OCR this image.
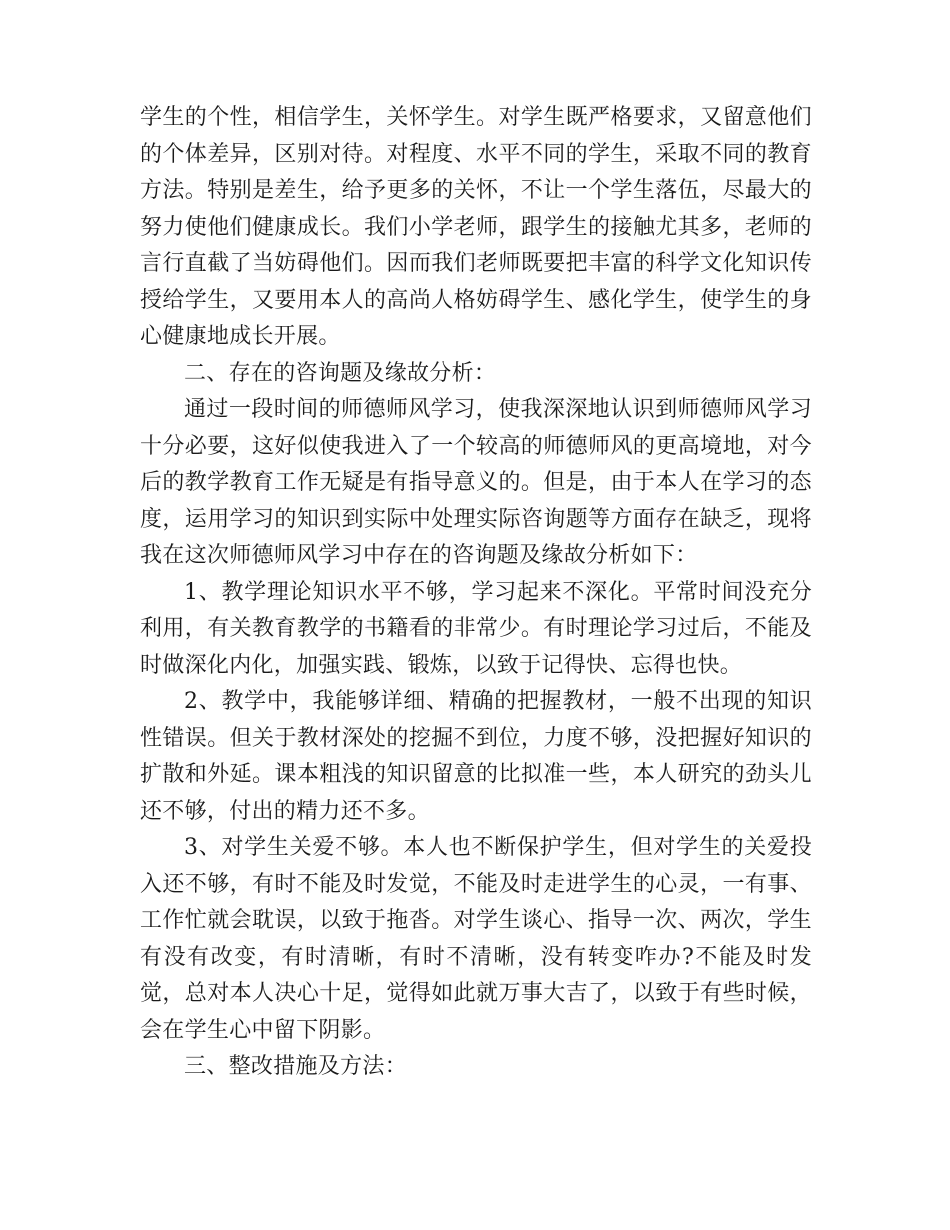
学生的个性，相信学生，关怀学生。对学生既严格要求，又留意他们的个体差异，区别对待。对程度、水平不同的学生，采取不同的教育方法。特别是差生，给予更多的关怀，不让一个学生落伍，尽最大的努力使他们健康成长。我们小学老师，跟学生的接触尤其多，老师的言行直截了当妨碍他们。因而我们老师既要把丰富的科学文化知识传授给学生，又要用本人的高尚人格妨碍学生、感化学生，使学生的身心健康地成长开展。

二、存在的咨询题及缘故分析：

通过一段时间的师德师风学习，使我深深地认识到师德师风学习十分必要，这好似使我进入了一个较高的师德师风的更高境地，对今后的教学教育工作无疑是有指导意义的。但是，由于本人在学习的态度，运用学习的知识到实际中处理实际咨询题等方面存在缺乏，现将我在这次师德师风学习中存在的咨询题及缘故分析如下：

1、教学理论知识水平不够，学习起来不深化。平常时间没充分利用，有关教育教学的书籍看的非常少。有时理论学习过后，不能及时做深化内化，加强实践、锻炼，以致于记得快、忘得也快。

2、教学中，我能够详细、精确的把握教材，一般不出现的知识性错误。但关于教材深处的挖掘不到位，力度不够，没把握好知识的扩散和外延。课本粗浅的知识留意的比拟准一些，本人研究的劲头儿还不够，付出的精力还不多。

3、对学生关爱不够。本人也不断保护学生，但对学生的关爱投入还不够，有时不能及时发觉，不能及时走进学生的心灵，一有事、工作忙就会耽误，以致于拖沓。对学生谈心、指导一次、两次，学生有没有改变，有时清晰，有时不清晰，没有转变咋办?不能及时发觉，总对本人决心十足，觉得如此就万事大吉了，以致于有些时候，会在学生心中留下阴影。

三、整改措施及方法：
